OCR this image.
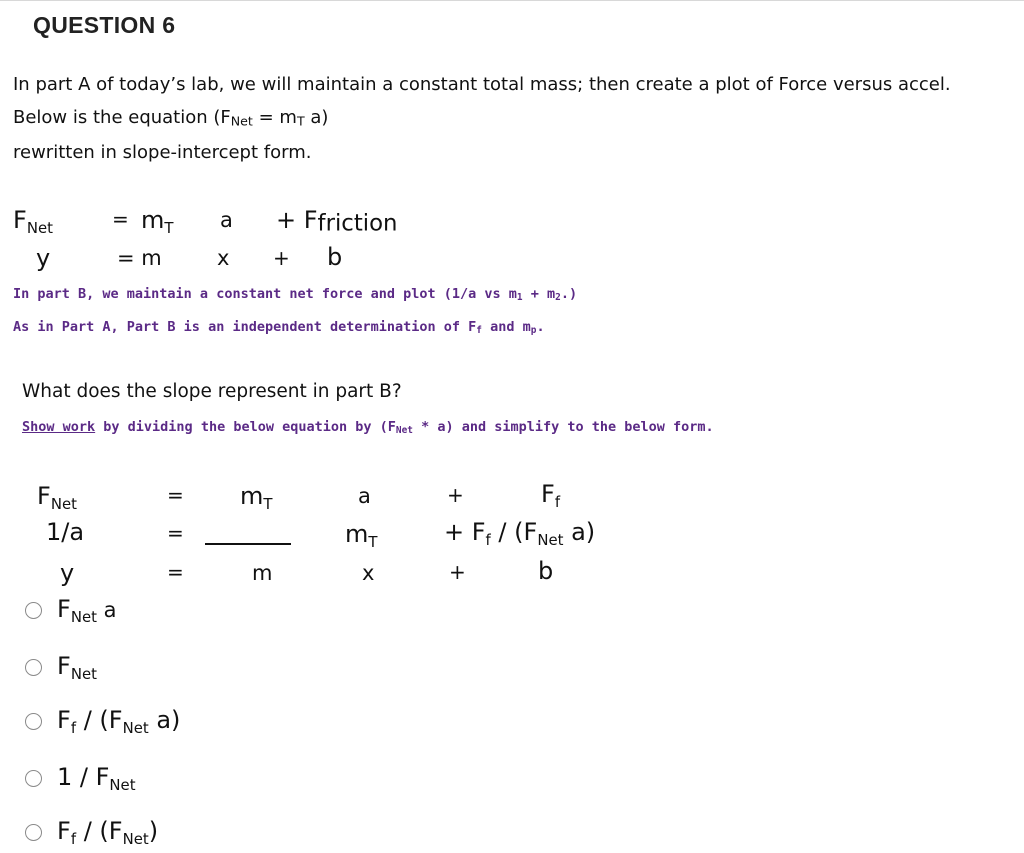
QUESTION 6
In part A of today’s lab, we will maintain a constant total mass; then create a plot of Force versus accel.
Below is the equation ($F_{Net} = m_T$ a)
rewritten in slope-intercept form.
$F_{Net}$	= $m_T$ $a + F_{friction}$
y	= m	x + b
In part B, we maintain a constant net force and plot (1/a vs $m_1 + m_2$.)
As in Part A, Part B is an independent determination of $F_f$ and $m_p$.
What does the slope represent in part B?
Show work by dividing the below equation by $(F_{Net} * a)$ and simplify to the below form.
$F_{Net}$	= $m_T$	a	+	$F_f$
1/a	=	$m_T$	+ $F_f / (F_{Net}$ a)
y	=	m	x	+	b
$F_{Net}$ a
$F_{Net}$
$F_f / (F_{Net}$ a)
$1 / F_{Net}$
$F_f / (F_{Net})$
